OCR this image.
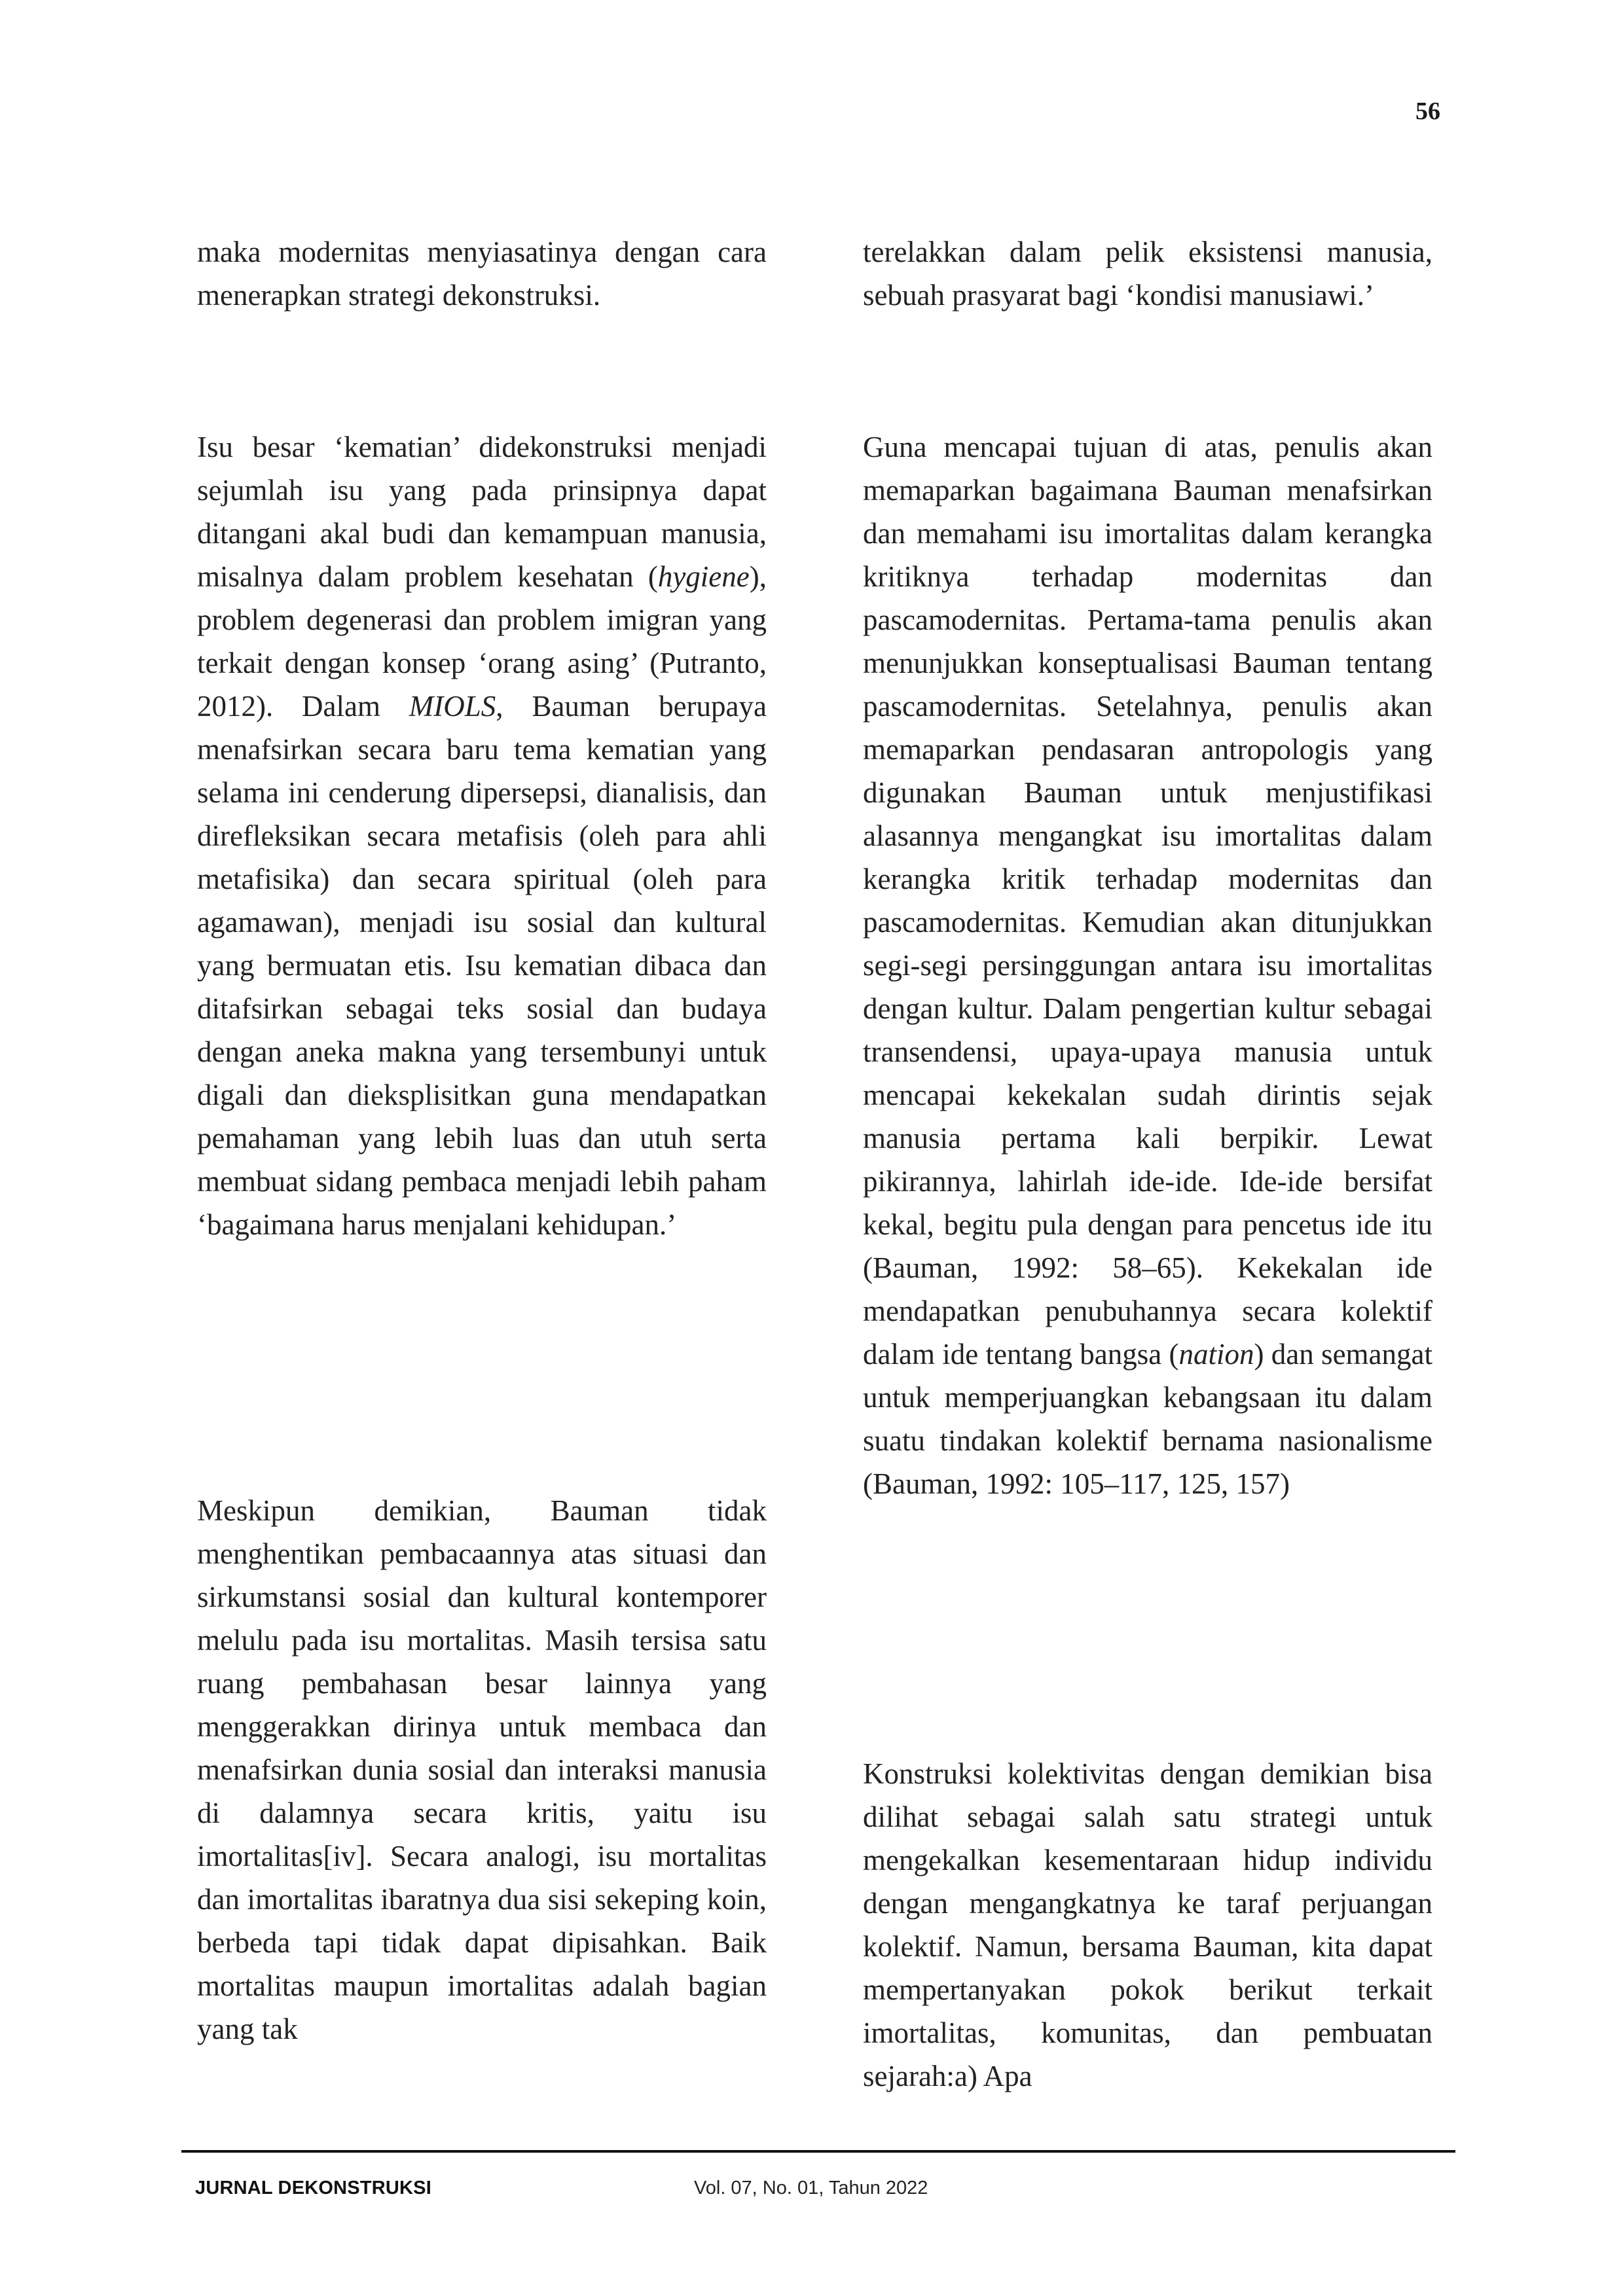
56

maka modernitas menyiasatinya dengan cara menerapkan strategi dekonstruksi.

Isu besar ‘kematian’ didekonstruksi menjadi sejumlah isu yang pada prinsipnya dapat ditangani akal budi dan kemampuan manusia, misalnya dalam problem kesehatan (hygiene), problem degenerasi dan problem imigran yang terkait dengan konsep ‘orang asing’ (Putranto, 2012). Dalam MIOLS, Bauman berupaya menafsirkan secara baru tema kematian yang selama ini cenderung dipersepsi, dianalisis, dan direfleksikan secara metafisis (oleh para ahli metafisika) dan secara spiritual (oleh para agamawan), menjadi isu sosial dan kultural yang bermuatan etis. Isu kematian dibaca dan ditafsirkan sebagai teks sosial dan budaya dengan aneka makna yang tersembunyi untuk digali dan dieksplisitkan guna mendapatkan pemahaman yang lebih luas dan utuh serta membuat sidang pembaca menjadi lebih paham ‘bagaimana harus menjalani kehidupan.’

Meskipun demikian, Bauman tidak menghentikan pembacaannya atas situasi dan sirkumstansi sosial dan kultural kontemporer melulu pada isu mortalitas. Masih tersisa satu ruang pembahasan besar lainnya yang menggerakkan dirinya untuk membaca dan menafsirkan dunia sosial dan interaksi manusia di dalamnya secara kritis, yaitu isu imortalitas[iv]. Secara analogi, isu mortalitas dan imortalitas ibaratnya dua sisi sekeping koin, berbeda tapi tidak dapat dipisahkan. Baik mortalitas maupun imortalitas adalah bagian yang tak

terelakkan dalam pelik eksistensi manusia, sebuah prasyarat bagi ‘kondisi manusiawi.’

Guna mencapai tujuan di atas, penulis akan memaparkan bagaimana Bauman menafsirkan dan memahami isu imortalitas dalam kerangka kritiknya terhadap modernitas dan pascamodernitas. Pertama-tama penulis akan menunjukkan konseptualisasi Bauman tentang pascamodernitas. Setelahnya, penulis akan memaparkan pendasaran antropologis yang digunakan Bauman untuk menjustifikasi alasannya mengangkat isu imortalitas dalam kerangka kritik terhadap modernitas dan pascamodernitas. Kemudian akan ditunjukkan segi-segi persinggungan antara isu imortalitas dengan kultur. Dalam pengertian kultur sebagai transendensi, upaya-upaya manusia untuk mencapai kekekalan sudah dirintis sejak manusia pertama kali berpikir. Lewat pikirannya, lahirlah ide-ide. Ide-ide bersifat kekal, begitu pula dengan para pencetus ide itu (Bauman, 1992: 58–65). Kekekalan ide mendapatkan penubuhannya secara kolektif dalam ide tentang bangsa (nation) dan semangat untuk memperjuangkan kebangsaan itu dalam suatu tindakan kolektif bernama nasionalisme (Bauman, 1992: 105–117, 125, 157)

Konstruksi kolektivitas dengan demikian bisa dilihat sebagai salah satu strategi untuk mengekalkan kesementaraan hidup individu dengan mengangkatnya ke taraf perjuangan kolektif. Namun, bersama Bauman, kita dapat mempertanyakan pokok berikut terkait imortalitas, komunitas, dan pembuatan sejarah:a) Apa

JURNAL DEKONSTRUKSI	Vol. 07, No. 01, Tahun 2022
